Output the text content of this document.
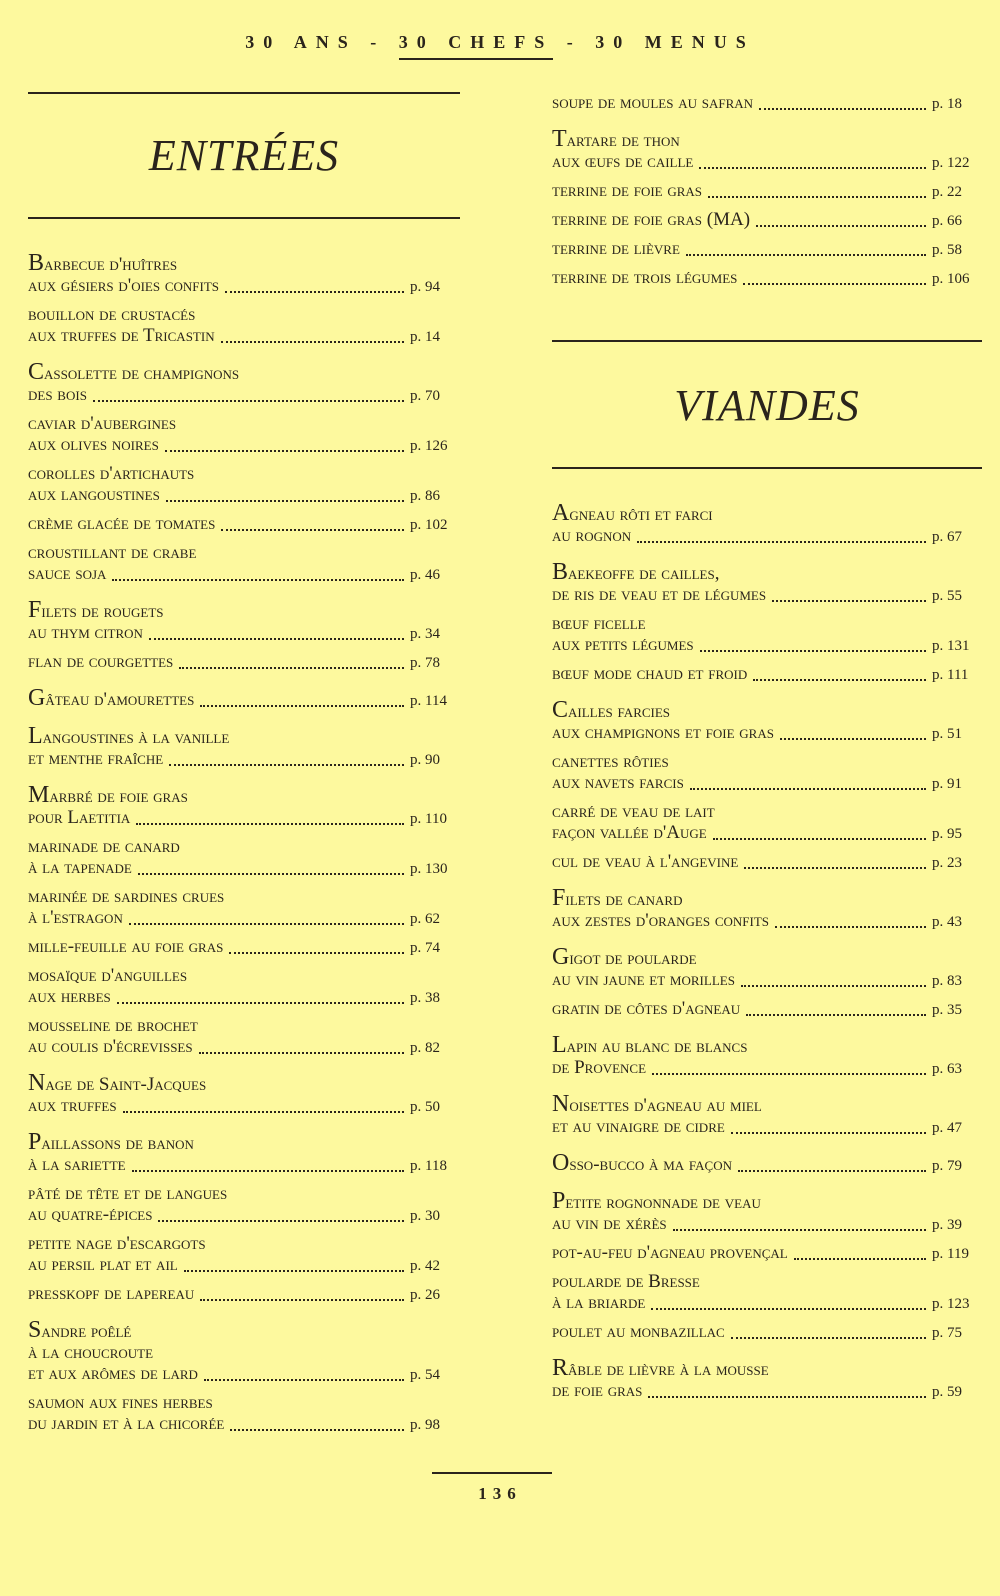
30 ANS - 30 CHEFS - 30 MENUS
ENTRÉES
Barbecue d'huîtres
aux gésiers d'oies confits	p. 94
bouillon de crustacés
aux truffes de Tricastin	p. 14
Cassolette de champignons
des bois	p. 70
caviar d'aubergines
aux olives noires	p. 126
corolles d'artichauts
aux langoustines	p. 86
crème glacée de tomates	p. 102
croustillant de crabe
sauce soja	p. 46
Filets de rougets
au thym citron	p. 34
flan de courgettes	p. 78
Gâteau d'amourettes	p. 114
Langoustines à la vanille
et menthe fraîche	p. 90
Marbré de foie gras
pour Laetitia	p. 110
marinade de canard
à la tapenade	p. 130
marinée de sardines crues
à l'estragon	p. 62
mille-feuille au foie gras	p. 74
mosaïque d'anguilles
aux herbes	p. 38
mousseline de brochet
au coulis d'écrevisses	p. 82
Nage de Saint-Jacques
aux truffes	p. 50
Paillassons de banon
à la sariette	p. 118
pâté de tête et de langues
au quatre-épices	p. 30
petite nage d'escargots
au persil plat et ail	p. 42
presskopf de lapereau	p. 26
Sandre poêlé
à la choucroute
et aux arômes de lard	p. 54
saumon aux fines herbes
du jardin et à la chicorée	p. 98
soupe de moules au safran	p. 18
Tartare de thon
aux œufs de caille	p. 122
terrine de foie gras	p. 22
terrine de foie gras (MA)	p. 66
terrine de lièvre	p. 58
terrine de trois légumes	p. 106
VIANDES
Agneau rôti et farci
au rognon	p. 67
Baekeoffe de cailles,
de ris de veau et de légumes	p. 55
bœuf ficelle
aux petits légumes	p. 131
bœuf mode chaud et froid	p. 111
Cailles farcies
aux champignons et foie gras	p. 51
canettes rôties
aux navets farcis	p. 91
carré de veau de lait
façon vallée d'Auge	p. 95
cul de veau à l'angevine	p. 23
Filets de canard
aux zestes d'oranges confits	p. 43
Gigot de poularde
au vin jaune et morilles	p. 83
gratin de côtes d'agneau	p. 35
Lapin au blanc de blancs
de Provence	p. 63
Noisettes d'agneau au miel
et au vinaigre de cidre	p. 47
Osso-bucco à ma façon	p. 79
Petite rognonnade de veau
au vin de xérès	p. 39
pot-au-feu d'agneau provençal	p. 119
poularde de Bresse
à la briarde	p. 123
poulet au monbazillac	p. 75
Râble de lièvre à la mousse
de foie gras	p. 59
136
